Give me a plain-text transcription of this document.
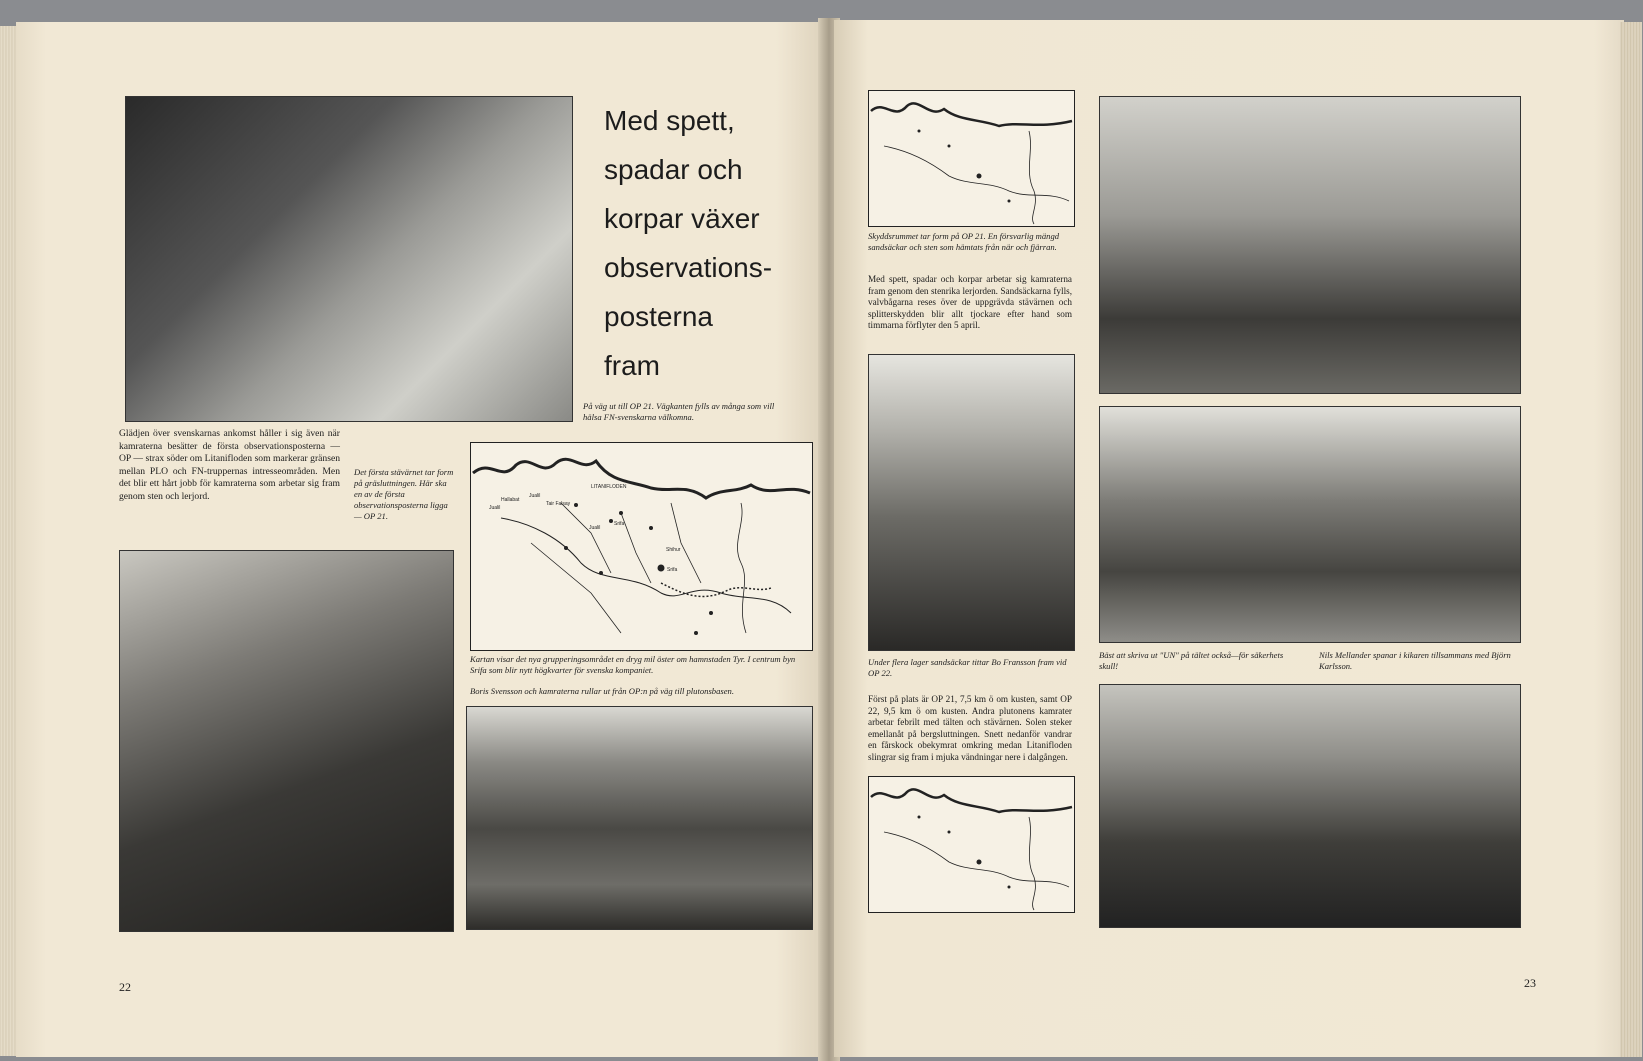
Med spett,
spadar och
korpar växer
observations-
posterna
fram
På väg ut till OP 21. Vägkanten fylls av många som vill hälsa FN-svenskarna välkomna.
Glädjen över svenskarnas ankomst håller i sig även när kamraterna besätter de första observationsposterna — OP — strax söder om Litanifloden som markerar gränsen mellan PLO och FN-truppernas intresseområden. Men det blir ett hårt jobb för kamraterna som arbetar sig fram genom sten och lerjord.
Det första stävärnet tar form på gräsluttningen. Här ska en av de första observationsposterna ligga — OP 21.
LITANIFLODEN
Hallabat
Jualil
Jualil
Tair Falsay
Srifa
Jualil
Shihur
Srifa
Kartan visar det nya grupperingsområdet en dryg mil öster om hamnstaden Tyr. I centrum byn Srifa som blir nytt högkvarter för svenska kompaniet.
Boris Svensson och kamraterna rullar ut från OP:n på väg till plutonsbasen.
22
Skyddsrummet tar form på OP 21. En försvarlig mängd sandsäckar och sten som hämtats från när och fjärran.
Med spett, spadar och korpar arbetar sig kamraterna fram genom den stenrika lerjorden. Sandsäckarna fylls, valvbågarna reses över de uppgrävda stävärnen och splitterskydden blir allt tjockare efter hand som timmarna förflyter den 5 april.
Under flera lager sandsäckar tittar Bo Fransson fram vid OP 22.
Först på plats är OP 21, 7,5 km ö om kusten, samt OP 22, 9,5 km ö om kusten. Andra plutonens kamrater arbetar febrilt med tälten och stävärnen. Solen steker emellanåt på bergsluttningen. Snett nedanför vandrar en fårskock obekymrat omkring medan Litanifloden slingrar sig fram i mjuka vändningar nere i dalgången.
Bäst att skriva ut "UN" på tältet också—för säkerhets skull!
Nils Mellander spanar i kikaren tillsammans med Björn Karlsson.
23
